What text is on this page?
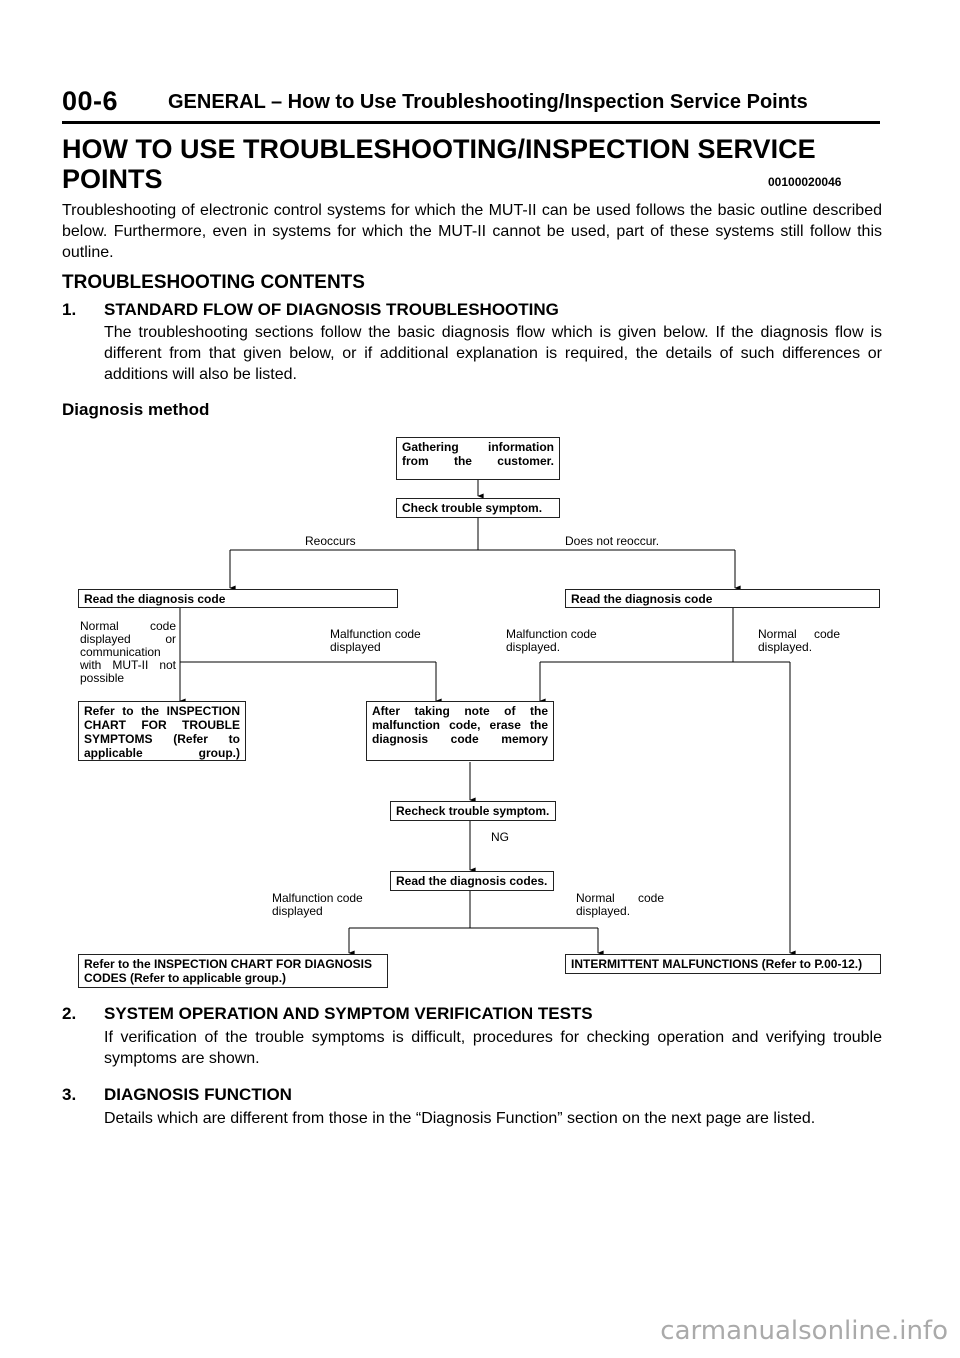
00-6 GENERAL – How to Use Troubleshooting/Inspection Service Points
HOW TO USE TROUBLESHOOTING/INSPECTION SERVICE POINTS	00100020046
Troubleshooting of electronic control systems for which the MUT-II can be used follows the basic outline described below. Furthermore, even in systems for which the MUT-II cannot be used, part of these systems still follow this outline.
TROUBLESHOOTING CONTENTS
1. STANDARD FLOW OF DIAGNOSIS TROUBLESHOOTING
The troubleshooting sections follow the basic diagnosis flow which is given below. If the diagnosis flow is different from that given below, or if additional explanation is required, the details of such differences or additions will also be listed.
Diagnosis method
Gathering information from the customer.
Check trouble symptom.
Reoccurs	Does not reoccur.
Read the diagnosis code	Read the diagnosis code
Normal code displayed or communication with MUT-II not possible
Malfunction code displayed
Malfunction code displayed.
Normal code displayed.
Refer to the INSPECTION CHART FOR TROUBLE SYMPTOMS (Refer to applicable group.)
After taking note of the malfunction code, erase the diagnosis code memory
Recheck trouble symptom.
NG
Read the diagnosis codes.
Malfunction code displayed
Normal code displayed.
Refer to the INSPECTION CHART FOR DIAGNOSIS CODES (Refer to applicable group.)
INTERMITTENT MALFUNCTIONS (Refer to P.00-12.)
2. SYSTEM OPERATION AND SYMPTOM VERIFICATION TESTS
If verification of the trouble symptoms is difficult, procedures for checking operation and verifying trouble symptoms are shown.
3. DIAGNOSIS FUNCTION
Details which are different from those in the “Diagnosis Function” section on the next page are listed.
carmanualsonline.info
